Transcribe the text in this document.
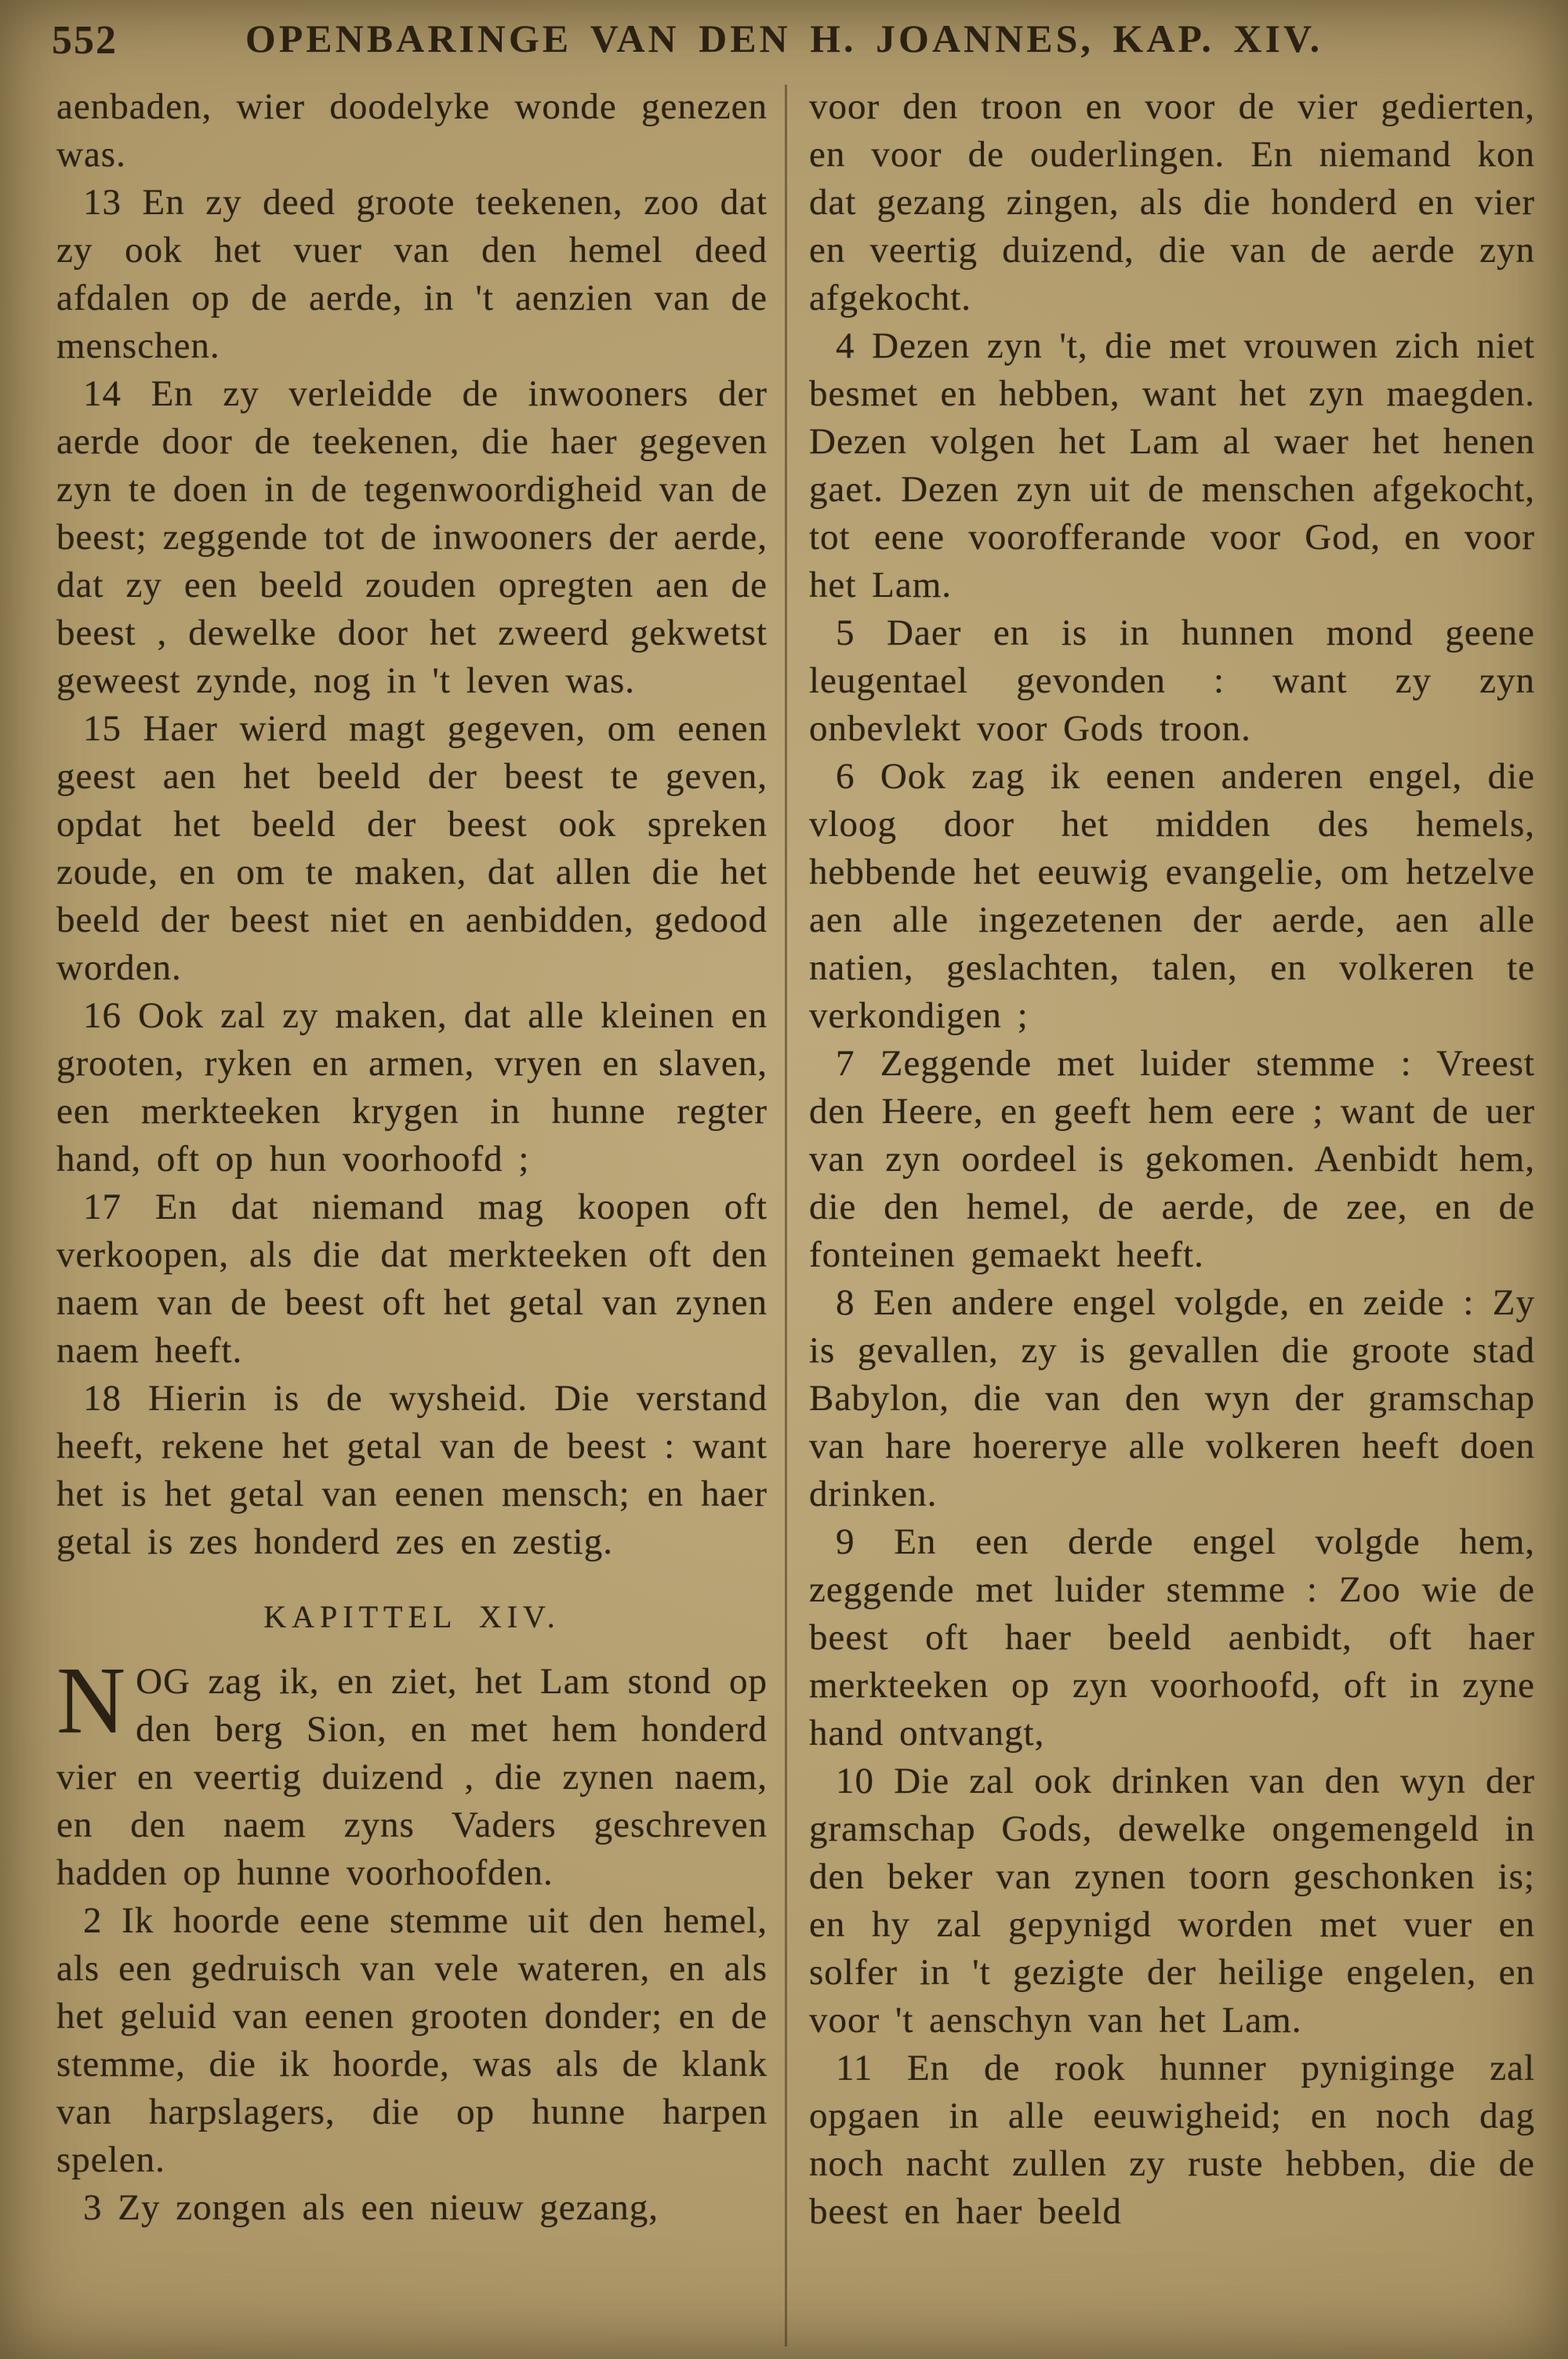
552	OPENBARINGE VAN DEN H. JOANNES, KAP. XIV.

aenbaden, wier doodelyke wonde genezen was.

13 En zy deed groote teekenen, zoo dat zy ook het vuer van den hemel deed afdalen op de aerde, in 't aenzien van de menschen.

14 En zy verleidde de inwooners der aerde door de teekenen, die haer gegeven zyn te doen in de tegenwoordigheid van de beest; zeggende tot de inwooners der aerde, dat zy een beeld zouden opregten aen de beest , dewelke door het zweerd gekwetst geweest zynde, nog in 't leven was.

15 Haer wierd magt gegeven, om eenen geest aen het beeld der beest te geven, opdat het beeld der beest ook spreken zoude, en om te maken, dat allen die het beeld der beest niet en aenbidden, gedood worden.

16 Ook zal zy maken, dat alle kleinen en grooten, ryken en armen, vryen en slaven, een merkteeken krygen in hunne regter hand, oft op hun voorhoofd ;

17 En dat niemand mag koopen oft verkoopen, als die dat merkteeken oft den naem van de beest oft het getal van zynen naem heeft.

18 Hierin is de wysheid. Die verstand heeft, rekene het getal van de beest : want het is het getal van eenen mensch; en haer getal is zes honderd zes en zestig.

KAPITTEL XIV.

NOG zag ik, en ziet, het Lam stond op den berg Sion, en met hem honderd vier en veertig duizend , die zynen naem, en den naem zyns Vaders geschreven hadden op hunne voorhoofden.

2 Ik hoorde eene stemme uit den hemel, als een gedruisch van vele wateren, en als het geluid van eenen grooten donder; en de stemme, die ik hoorde, was als de klank van harpslagers, die op hunne harpen spelen.

3 Zy zongen als een nieuw gezang,

voor den troon en voor de vier gedierten, en voor de ouderlingen. En niemand kon dat gezang zingen, als die honderd en vier en veertig duizend, die van de aerde zyn afgekocht.

4 Dezen zyn 't, die met vrouwen zich niet besmet en hebben, want het zyn maegden. Dezen volgen het Lam al waer het henen gaet. Dezen zyn uit de menschen afgekocht, tot eene voorofferande voor God, en voor het Lam.

5 Daer en is in hunnen mond geene leugentael gevonden : want zy zyn onbevlekt voor Gods troon.

6 Ook zag ik eenen anderen engel, die vloog door het midden des hemels, hebbende het eeuwig evangelie, om hetzelve aen alle ingezetenen der aerde, aen alle natien, geslachten, talen, en volkeren te verkondigen ;

7 Zeggende met luider stemme : Vreest den Heere, en geeft hem eere ; want de uer van zyn oordeel is gekomen. Aenbidt hem, die den hemel, de aerde, de zee, en de fonteinen gemaekt heeft.

8 Een andere engel volgde, en zeide : Zy is gevallen, zy is gevallen die groote stad Babylon, die van den wyn der gramschap van hare hoererye alle volkeren heeft doen drinken.

9 En een derde engel volgde hem, zeggende met luider stemme : Zoo wie de beest oft haer beeld aenbidt, oft haer merkteeken op zyn voorhoofd, oft in zyne hand ontvangt,

10 Die zal ook drinken van den wyn der gramschap Gods, dewelke ongemengeld in den beker van zynen toorn geschonken is; en hy zal gepynigd worden met vuer en solfer in 't gezigte der heilige engelen, en voor 't aenschyn van het Lam.

11 En de rook hunner pyniginge zal opgaen in alle eeuwigheid; en noch dag noch nacht zullen zy ruste hebben, die de beest en haer beeld
